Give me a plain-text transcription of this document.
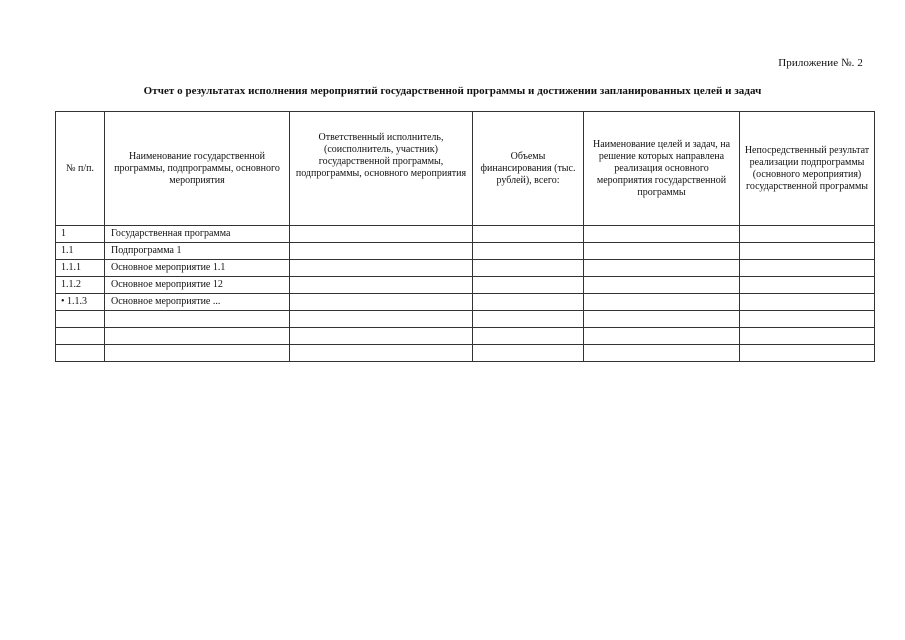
Приложение №. 2
Отчет о результатах исполнения мероприятий государственной программы и достижении запланированных целей и задач
№ п/п.	Наименование государственной программы, подпрограммы, основного мероприятия	Ответственный исполнитель, (соисполнитель, участник) государственной программы, подпрограммы, основного мероприятия	Объемы финансирования (тыс. рублей), всего:	Наименование целей и задач, на решение которых направлена реализация основного мероприятия государственной программы	Непосредственный результат реализации подпрограммы (основного мероприятия) государственной программы

1	Государственная программа				
1.1	Подпрограмма 1				
1.1.1	Основное мероприятие 1.1				
1.1.2	Основное мероприятие 12				
• 1.1.3	Основное мероприятие ...				
